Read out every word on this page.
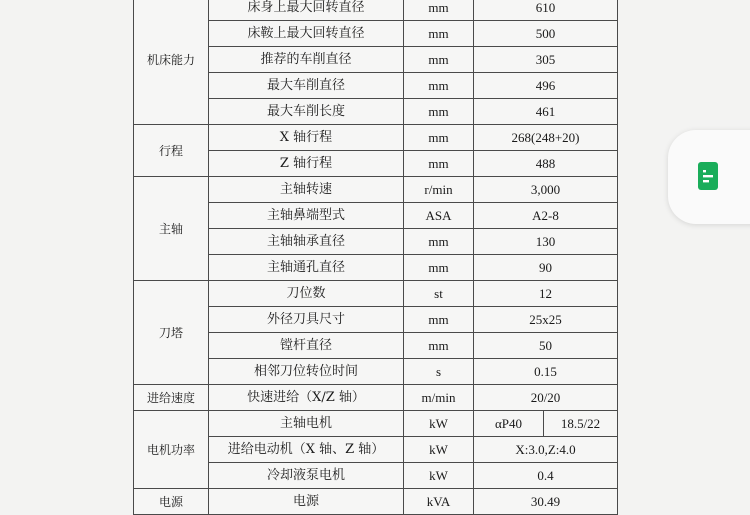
机床能力	床身上最大回转直径	mm	610	
	床鞍上最大回转直径	mm	500	
	推荐的车削直径	mm	305	
	最大车削直径	mm	496	
	最大车削长度	mm	461	
行程	X 轴行程	mm	268(248+20)	
	Z 轴行程	mm	488	
主轴	主轴转速	r/min	3,000	
	主轴鼻端型式	ASA	A2-8	
	主轴轴承直径	mm	130	
	主轴通孔直径	mm	90	
刀塔	刀位数	st	12	
	外径刀具尺寸	mm	25x25	
	镗杆直径	mm	50	
	相邻刀位转位时间	s	0.15	
进给速度	快速进给（X/Z 轴）	m/min	20/20	
电机功率	主轴电机	kW	αP40	18.5/22
	进给电动机（X 轴、Z 轴）	kW	X:3.0,Z:4.0	
	冷却液泵电机	kW	0.4	
电源	电源	kVA	30.49	
